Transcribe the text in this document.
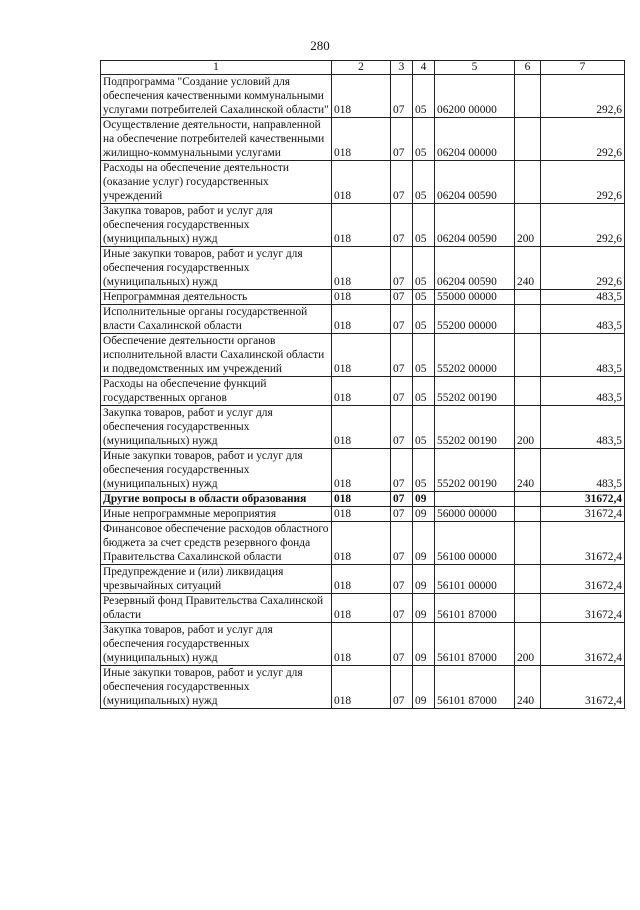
280
1	2	3	4	5	6	7
Подпрограмма "Создание условий для обеспечения качественными коммунальными услугами потребителей Сахалинской области"	018	07	05	06200 00000		292,6
Осуществление деятельности, направленной на обеспечение потребителей качественными жилищно-коммунальными услугами	018	07	05	06204 00000		292,6
Расходы на обеспечение деятельности (оказание услуг) государственных учреждений	018	07	05	06204 00590		292,6
Закупка товаров, работ и услуг для обеспечения государственных (муниципальных) нужд	018	07	05	06204 00590	200	292,6
Иные закупки товаров, работ и услуг для обеспечения государственных (муниципальных) нужд	018	07	05	06204 00590	240	292,6
Непрограммная деятельность	018	07	05	55000 00000		483,5
Исполнительные органы государственной власти Сахалинской области	018	07	05	55200 00000		483,5
Обеспечение деятельности органов исполнительной власти Сахалинской области и подведомственных им учреждений	018	07	05	55202 00000		483,5
Расходы на обеспечение функций государственных органов	018	07	05	55202 00190		483,5
Закупка товаров, работ и услуг для обеспечения государственных (муниципальных) нужд	018	07	05	55202 00190	200	483,5
Иные закупки товаров, работ и услуг для обеспечения государственных (муниципальных) нужд	018	07	05	55202 00190	240	483,5
Другие вопросы в области образования	018	07	09			31672,4
Иные непрограммные мероприятия	018	07	09	56000 00000		31672,4
Финансовое обеспечение расходов областного бюджета за счет средств резервного фонда Правительства Сахалинской области	018	07	09	56100 00000		31672,4
Предупреждение и (или) ликвидация чрезвычайных ситуаций	018	07	09	56101 00000		31672,4
Резервный фонд Правительства Сахалинской области	018	07	09	56101 87000		31672,4
Закупка товаров, работ и услуг для обеспечения государственных (муниципальных) нужд	018	07	09	56101 87000	200	31672,4
Иные закупки товаров, работ и услуг для обеспечения государственных (муниципальных) нужд	018	07	09	56101 87000	240	31672,4
